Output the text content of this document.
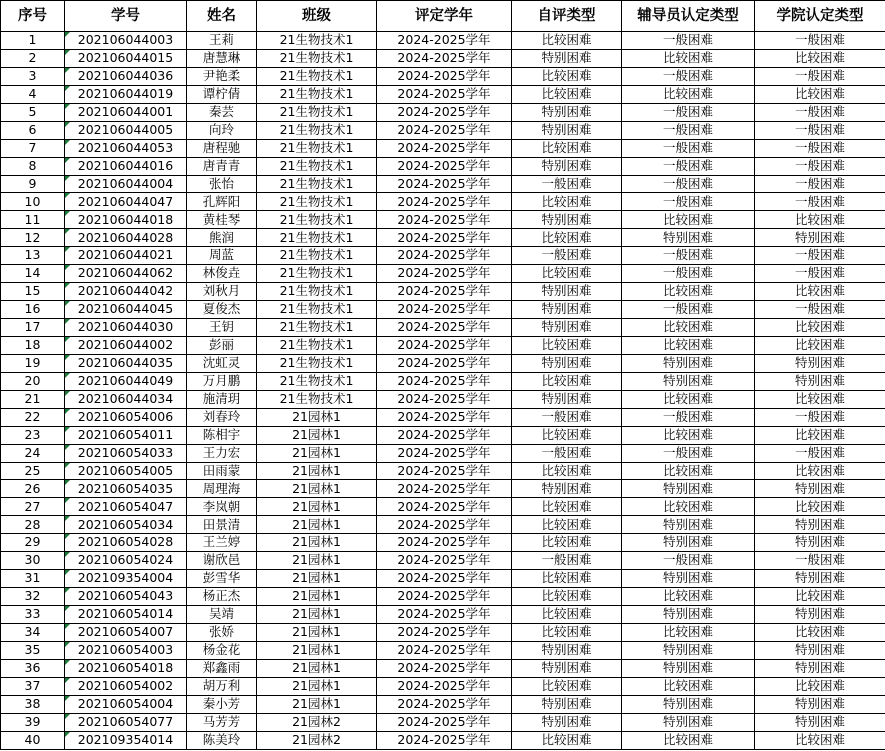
序号	学号	姓名	班级	评定学年	自评类型	辅导员认定类型	学院认定类型
1	202106044003	王莉	21生物技术1	2024-2025学年	比较困难	一般困难	一般困难
2	202106044015	唐慧琳	21生物技术1	2024-2025学年	特别困难	比较困难	比较困难
3	202106044036	尹艳柔	21生物技术1	2024-2025学年	比较困难	一般困难	一般困难
4	202106044019	谭柠倩	21生物技术1	2024-2025学年	比较困难	比较困难	比较困难
5	202106044001	秦芸	21生物技术1	2024-2025学年	特别困难	一般困难	一般困难
6	202106044005	向玲	21生物技术1	2024-2025学年	特别困难	一般困难	一般困难
7	202106044053	唐程驰	21生物技术1	2024-2025学年	比较困难	一般困难	一般困难
8	202106044016	唐青青	21生物技术1	2024-2025学年	特别困难	一般困难	一般困难
9	202106044004	张怡	21生物技术1	2024-2025学年	一般困难	一般困难	一般困难
10	202106044047	孔辉阳	21生物技术1	2024-2025学年	比较困难	一般困难	一般困难
11	202106044018	黄桂琴	21生物技术1	2024-2025学年	特别困难	比较困难	比较困难
12	202106044028	熊润	21生物技术1	2024-2025学年	比较困难	特别困难	特别困难
13	202106044021	周蓝	21生物技术1	2024-2025学年	一般困难	一般困难	一般困难
14	202106044062	林俊垚	21生物技术1	2024-2025学年	比较困难	一般困难	一般困难
15	202106044042	刘秋月	21生物技术1	2024-2025学年	特别困难	比较困难	比较困难
16	202106044045	夏俊杰	21生物技术1	2024-2025学年	特别困难	一般困难	一般困难
17	202106044030	王钥	21生物技术1	2024-2025学年	特别困难	比较困难	比较困难
18	202106044002	彭丽	21生物技术1	2024-2025学年	比较困难	比较困难	比较困难
19	202106044035	沈虹灵	21生物技术1	2024-2025学年	特别困难	特别困难	特别困难
20	202106044049	万月鹏	21生物技术1	2024-2025学年	比较困难	特别困难	特别困难
21	202106044034	施清玥	21生物技术1	2024-2025学年	特别困难	比较困难	比较困难
22	202106054006	刘春玲	21园林1	2024-2025学年	一般困难	一般困难	一般困难
23	202106054011	陈相宇	21园林1	2024-2025学年	比较困难	比较困难	比较困难
24	202106054033	王力宏	21园林1	2024-2025学年	一般困难	一般困难	一般困难
25	202106054005	田雨蒙	21园林1	2024-2025学年	比较困难	比较困难	比较困难
26	202106054035	周理海	21园林1	2024-2025学年	特别困难	特别困难	特别困难
27	202106054047	李岚朝	21园林1	2024-2025学年	比较困难	比较困难	比较困难
28	202106054034	田景清	21园林1	2024-2025学年	比较困难	特别困难	特别困难
29	202106054028	王兰婷	21园林1	2024-2025学年	比较困难	特别困难	特别困难
30	202106054024	谢欣邑	21园林1	2024-2025学年	一般困难	一般困难	一般困难
31	202109354004	彭雪华	21园林1	2024-2025学年	比较困难	特别困难	特别困难
32	202106054043	杨正杰	21园林1	2024-2025学年	比较困难	比较困难	比较困难
33	202106054014	吴靖	21园林1	2024-2025学年	比较困难	特别困难	特别困难
34	202106054007	张娇	21园林1	2024-2025学年	比较困难	比较困难	比较困难
35	202106054003	杨金花	21园林1	2024-2025学年	特别困难	特别困难	特别困难
36	202106054018	郑鑫雨	21园林1	2024-2025学年	特别困难	特别困难	特别困难
37	202106054002	胡万利	21园林1	2024-2025学年	比较困难	比较困难	比较困难
38	202106054004	秦小芳	21园林1	2024-2025学年	特别困难	特别困难	特别困难
39	202106054077	马芳芳	21园林2	2024-2025学年	特别困难	特别困难	特别困难
40	202109354014	陈美玲	21园林2	2024-2025学年	比较困难	比较困难	比较困难
